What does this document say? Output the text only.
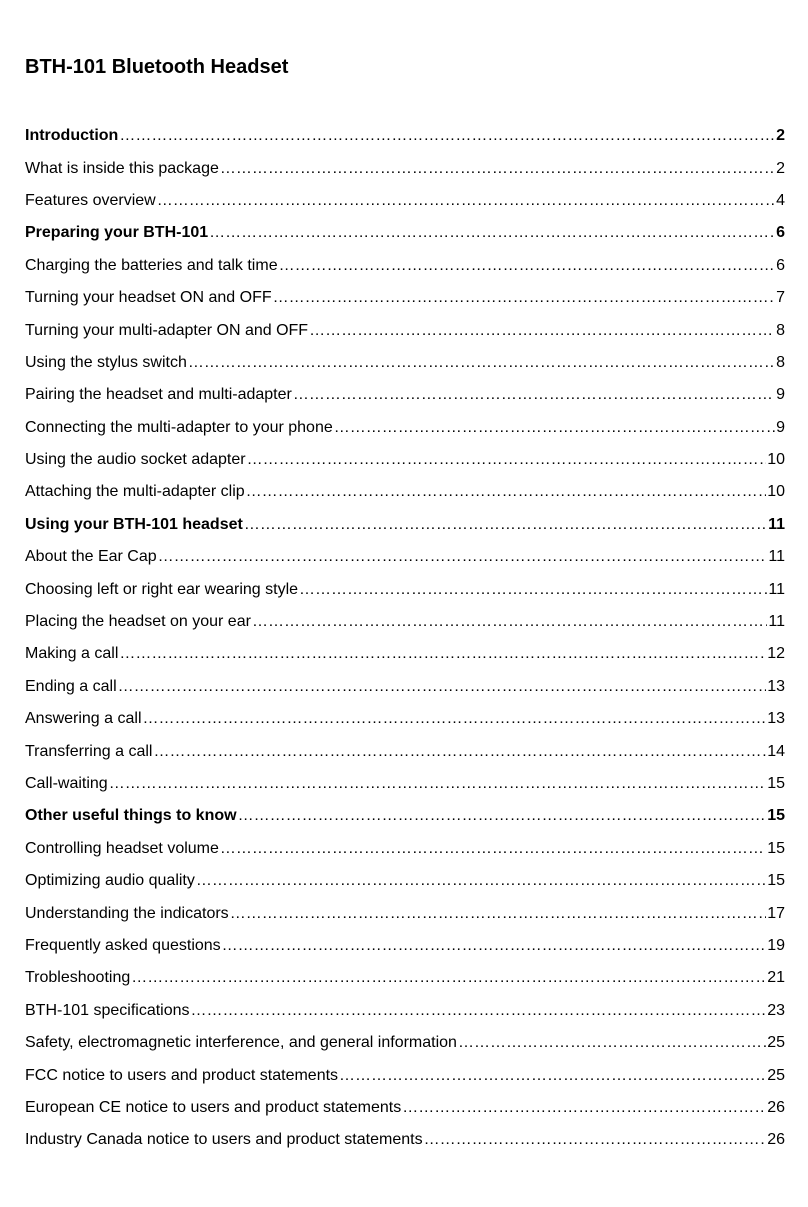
BTH-101 Bluetooth Headset
Introduction ……………………………………………………………………………………………………………………………………………………	2
What is inside this package ……………………………………………………………………………………………………………………………………………………	2
Features overview ……………………………………………………………………………………………………………………………………………………	4
Preparing your BTH-101 ……………………………………………………………………………………………………………………………………………………	6
Charging the batteries and talk time ……………………………………………………………………………………………………………………………………………………	6
Turning your headset ON and OFF ……………………………………………………………………………………………………………………………………………………	7
Turning your multi-adapter ON and OFF ……………………………………………………………………………………………………………………………………………………	8
Using the stylus switch ……………………………………………………………………………………………………………………………………………………	8
Pairing the headset and multi-adapter ……………………………………………………………………………………………………………………………………………………	9
Connecting the multi-adapter to your phone ……………………………………………………………………………………………………………………………………………………	9
Using the audio socket adapter ……………………………………………………………………………………………………………………………………………………	10
Attaching the multi-adapter clip ……………………………………………………………………………………………………………………………………………………	10
Using your BTH-101 headset ……………………………………………………………………………………………………………………………………………………	11
About the Ear Cap ……………………………………………………………………………………………………………………………………………………	11
Choosing left or right ear wearing style ……………………………………………………………………………………………………………………………………………………	11
Placing the headset on your ear ……………………………………………………………………………………………………………………………………………………	11
Making a call ……………………………………………………………………………………………………………………………………………………	12
Ending a call ……………………………………………………………………………………………………………………………………………………	13
Answering a call ……………………………………………………………………………………………………………………………………………………	13
Transferring a call ……………………………………………………………………………………………………………………………………………………	14
Call-waiting ……………………………………………………………………………………………………………………………………………………	15
Other useful things to know ……………………………………………………………………………………………………………………………………………………	15
Controlling headset volume ……………………………………………………………………………………………………………………………………………………	15
Optimizing audio quality ……………………………………………………………………………………………………………………………………………………	15
Understanding the indicators ……………………………………………………………………………………………………………………………………………………	17
Frequently asked questions ……………………………………………………………………………………………………………………………………………………	19
Trobleshooting ……………………………………………………………………………………………………………………………………………………	21
BTH-101 specifications ……………………………………………………………………………………………………………………………………………………	23
Safety, electromagnetic interference, and general information ……………………………………………………………………………………………………………………………………………………	25
FCC notice to users and product statements ……………………………………………………………………………………………………………………………………………………	25
European CE notice to users and product statements ……………………………………………………………………………………………………………………………………………………	26
Industry Canada notice to users and product statements ……………………………………………………………………………………………………………………………………………………	26
